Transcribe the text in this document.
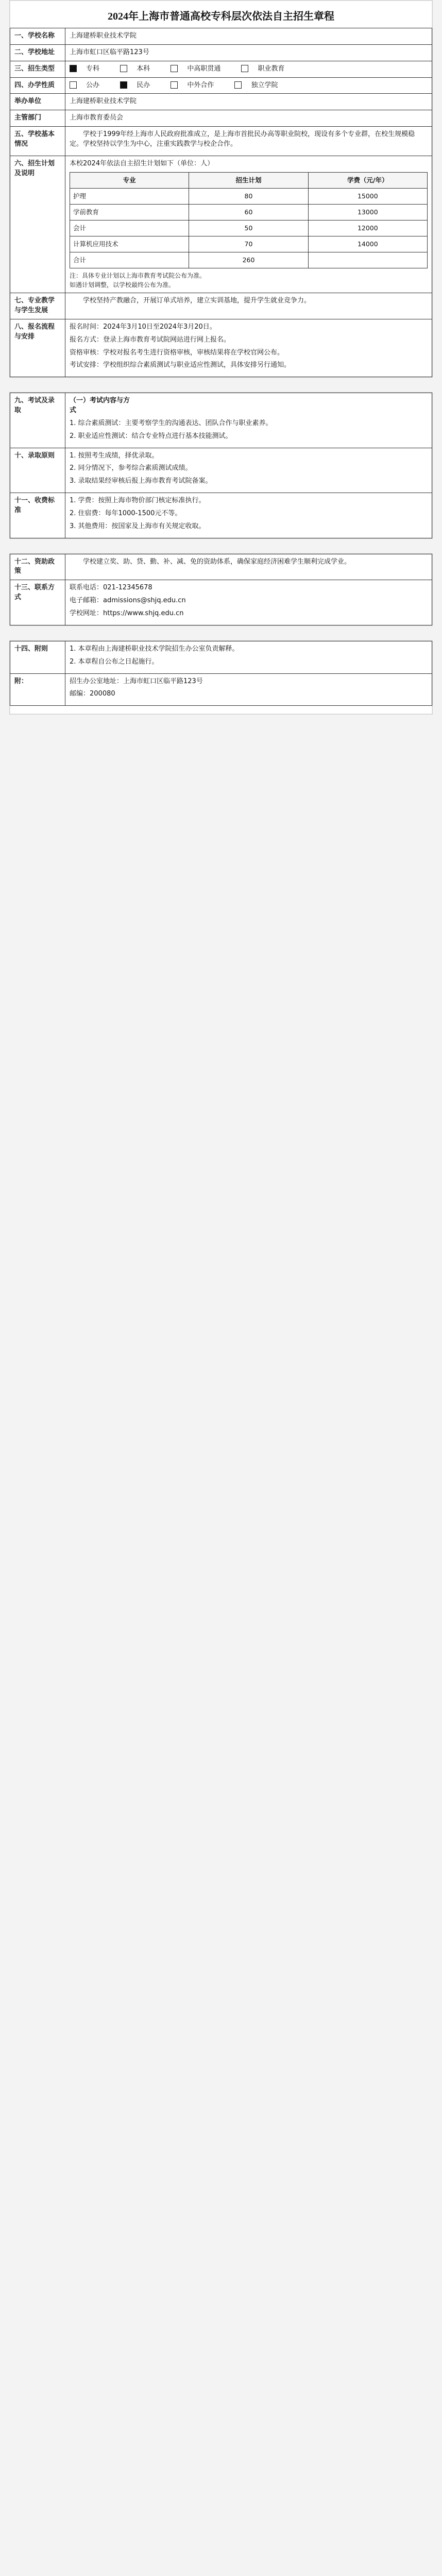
2024年上海市普通高校专科层次依法自主招生章程
一、学校名称	上海建桥职业技术学院
二、学校地址	上海市虹口区临平路123号
三、招生类型	专科	本科	中高职贯通	职业教育
四、办学性质	公办	民办	中外合作	独立学院
举办单位	上海建桥职业技术学院
主管部门	上海市教育委员会
五、学校基本情况	

学校于1999年经上海市人民政府批准成立，是上海市首批民办高等职业院校，现设有多个专业群，在校生规模稳定。学校坚持以学生为中心，注重实践教学与校企合作。

六、招生计划及说明	

本校2024年依法自主招生计划如下（单位：人）

专业	招生计划	学费（元/年）
护理	80	15000
学前教育	60	13000
会计	50	12000
计算机应用技术	70	14000
合计	260	
注：具体专业计划以上海市教育考试院公布为准。
如遇计划调整，以学校最终公布为准。

七、专业教学与学生发展	

学校坚持产教融合，开展订单式培养，建立实训基地，提升学生就业竞争力。

八、报名流程与安排	

报名时间：2024年3月10日至2024年3月20日。

报名方式：登录上海市教育考试院网站进行网上报名。

资格审核：学校对报名考生进行资格审核，审核结果将在学校官网公布。

考试安排：学校组织综合素质测试与职业适应性测试，具体安排另行通知。

九、考试及录取	（一）考试内容与方式

1. 综合素质测试：主要考察学生的沟通表达、团队合作与职业素养。

2. 职业适应性测试：结合专业特点进行基本技能测试。

十、录取原则	1. 按照考生成绩，择优录取。

2. 同分情况下，参考综合素质测试成绩。

3. 录取结果经审核后报上海市教育考试院备案。

十一、收费标准	1. 学费：按照上海市物价部门核定标准执行。

2. 住宿费：每年1000-1500元不等。

3. 其他费用：按国家及上海市有关规定收取。

十二、资助政策	学校建立奖、助、贷、勤、补、减、免的资助体系，确保家庭经济困难学生顺利完成学业。

十三、联系方式	联系电话：021-12345678

电子邮箱：admissions@shjq.edu.cn

学校网址：https://www.shjq.edu.cn

十四、附则	1. 本章程由上海建桥职业技术学院招生办公室负责解释。

2. 本章程自公布之日起施行。

附：	招生办公室地址：上海市虹口区临平路123号

邮编：200080
